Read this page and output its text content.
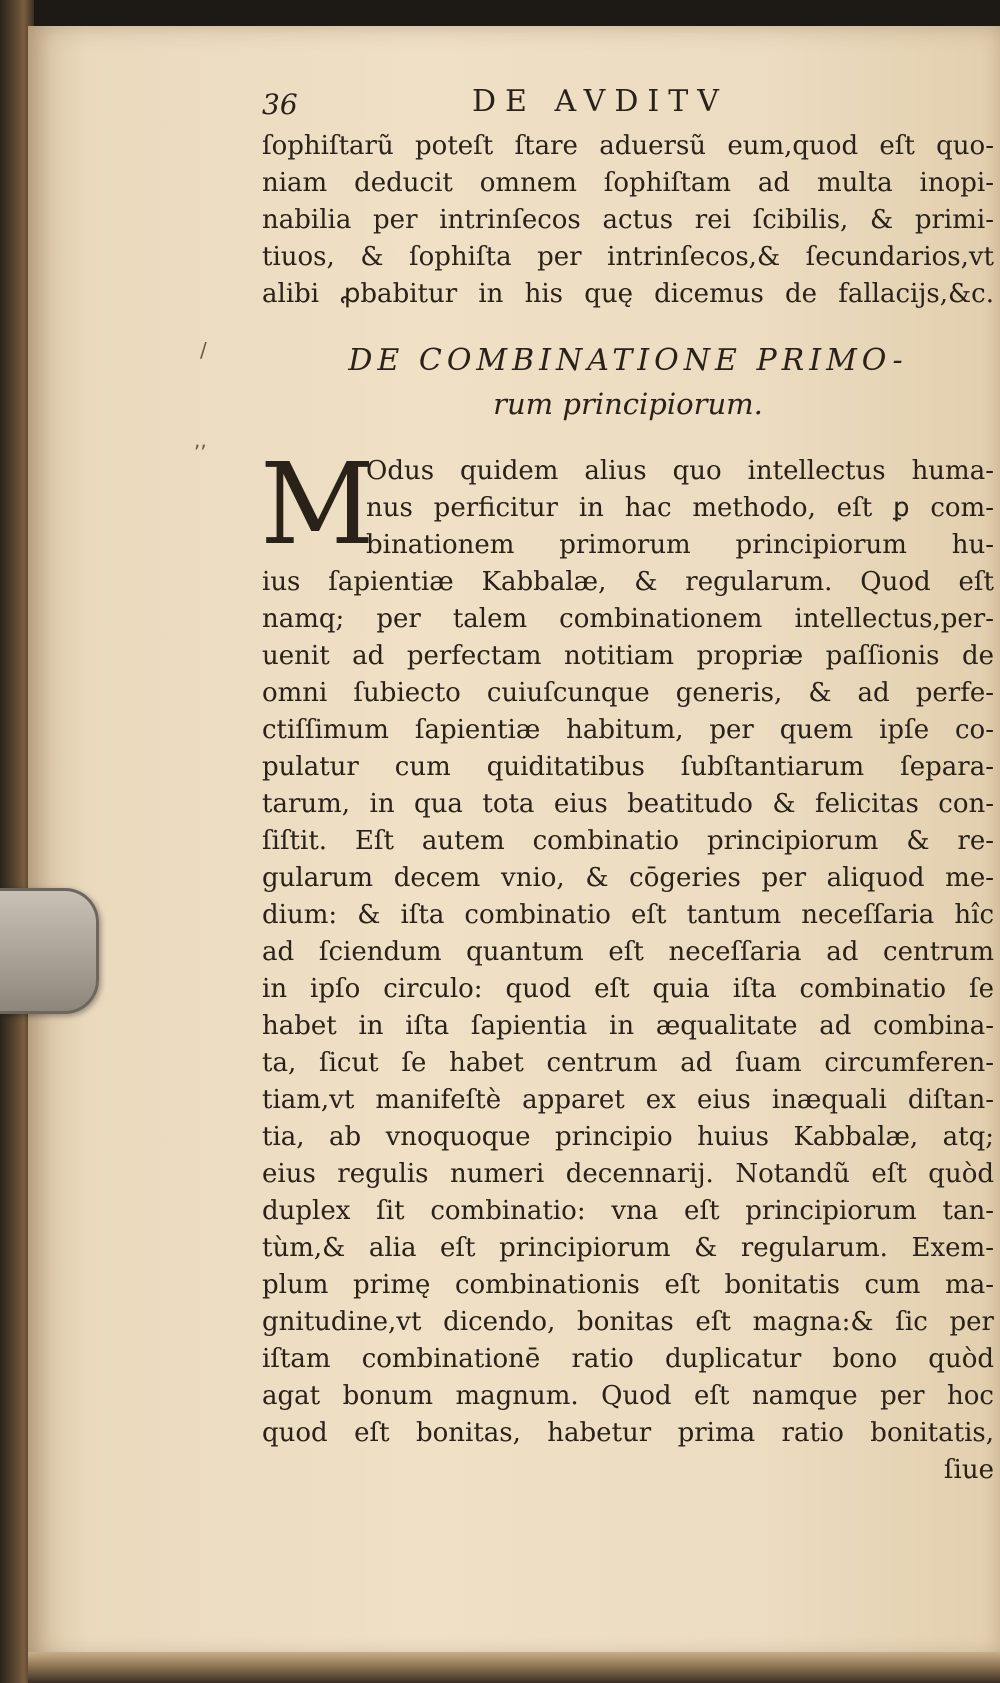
/
,,
36	DE AVDITV
ſophiſtarũ poteſt ſtare aduersũ eum,quod eſt quo-
niam deducit omnem ſophiſtam ad multa inopi-
nabilia per intrinſecos actus rei ſcibilis, & primi-
tiuos, & ſophiſta per intrinſecos,& ſecundarios,vt
alibi ꝓbabitur in his quę dicemus de fallacijs,&c.
DE COMBINATIONE PRIMO-
rum principiorum.
M
Odus quidem alius quo intellectus huma-
nus perficitur in hac methodo, eſt ꝑ com-
binationem primorum principiorum hu-
ius ſapientiæ Kabbalæ, & regularum. Quod eſt
namq; per talem combinationem intellectus,per-
uenit ad perfectam notitiam propriæ paſſionis de
omni ſubiecto cuiuſcunque generis, & ad perfe-
ctiſſimum ſapientiæ habitum, per quem ipſe co-
pulatur cum quiditatibus ſubſtantiarum ſepara-
tarum, in qua tota eius beatitudo & felicitas con-
ſiſtit. Eſt autem combinatio principiorum & re-
gularum decem vnio, & cōgeries per aliquod me-
dium: & iſta combinatio eſt tantum neceſſaria hîc
ad ſciendum quantum eſt neceſſaria ad centrum
in ipſo circulo: quod eſt quia iſta combinatio ſe
habet in iſta ſapientia in æqualitate ad combina-
ta, ſicut ſe habet centrum ad ſuam circumferen-
tiam,vt manifeſtè apparet ex eius inæquali diſtan-
tia, ab vnoquoque principio huius Kabbalæ, atq;
eius regulis numeri decennarij. Notandũ eſt quòd
duplex ſit combinatio: vna eſt principiorum tan-
tùm,& alia eſt principiorum & regularum. Exem-
plum primę combinationis eſt bonitatis cum ma-
gnitudine,vt dicendo, bonitas eſt magna:& ſic per
iſtam combinationē ratio duplicatur bono quòd
agat bonum magnum. Quod eſt namque per hoc
quod eſt bonitas, habetur prima ratio bonitatis,
ſiue
